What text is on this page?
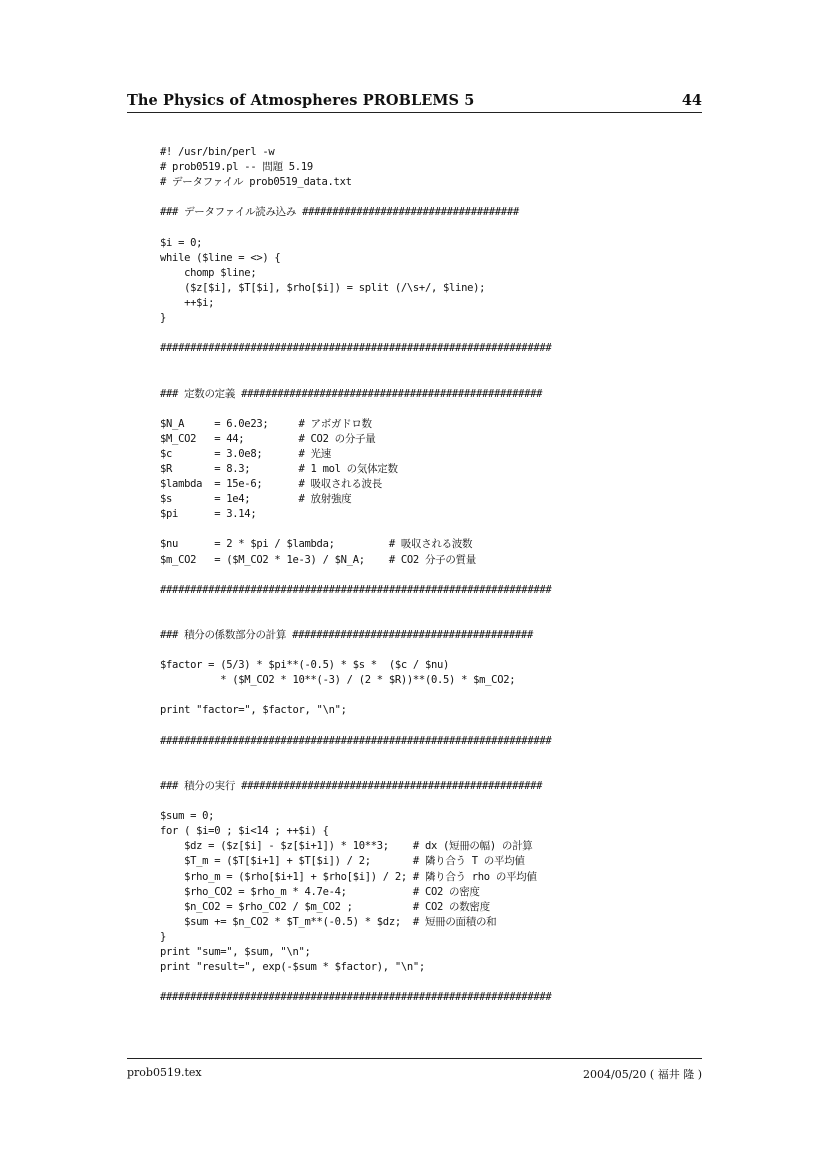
The Physics of Atmospheres PROBLEMS 5	44
#! /usr/bin/perl -w
# prob0519.pl -- 問題 5.19
# データファイル prob0519_data.txt
### データファイル読み込み ####################################
$i = 0;
while ($line = <>) {
chomp $line;
($z[$i], $T[$i], $rho[$i]) = split (/\s+/, $line);
++$i;
}
#################################################################
### 定数の定義 ##################################################
$N_A     = 6.0e23;     # アボガドロ数
$M_CO2   = 44;         # CO2 の分子量
$c       = 3.0e8;      # 光速
$R       = 8.3;        # 1 mol の気体定数
$lambda  = 15e-6;      # 吸収される波長
$s       = 1e4;        # 放射強度
$pi      = 3.14;
$nu      = 2 * $pi / $lambda;         # 吸収される波数
$m_CO2   = ($M_CO2 * 1e-3) / $N_A;    # CO2 分子の質量
#################################################################
### 積分の係数部分の計算 ########################################
$factor = (5/3) * $pi**(-0.5) * $s *  ($c / $nu)
* ($M_CO2 * 10**(-3) / (2 * $R))**(0.5) * $m_CO2;
print "factor=", $factor, "\n";
#################################################################
### 積分の実行 ##################################################
$sum = 0;
for ( $i=0 ; $i<14 ; ++$i) {
$dz = ($z[$i] - $z[$i+1]) * 10**3;    # dx (短冊の幅) の計算
$T_m = ($T[$i+1] + $T[$i]) / 2;       # 隣り合う T の平均値
$rho_m = ($rho[$i+1] + $rho[$i]) / 2; # 隣り合う rho の平均値
$rho_CO2 = $rho_m * 4.7e-4;           # CO2 の密度
$n_CO2 = $rho_CO2 / $m_CO2 ;          # CO2 の数密度
$sum += $n_CO2 * $T_m**(-0.5) * $dz;  # 短冊の面積の和
}
print "sum=", $sum, "\n";
print "result=", exp(-$sum * $factor), "\n";
#################################################################
prob0519.tex	2004/05/20 ( 福井 隆 )
